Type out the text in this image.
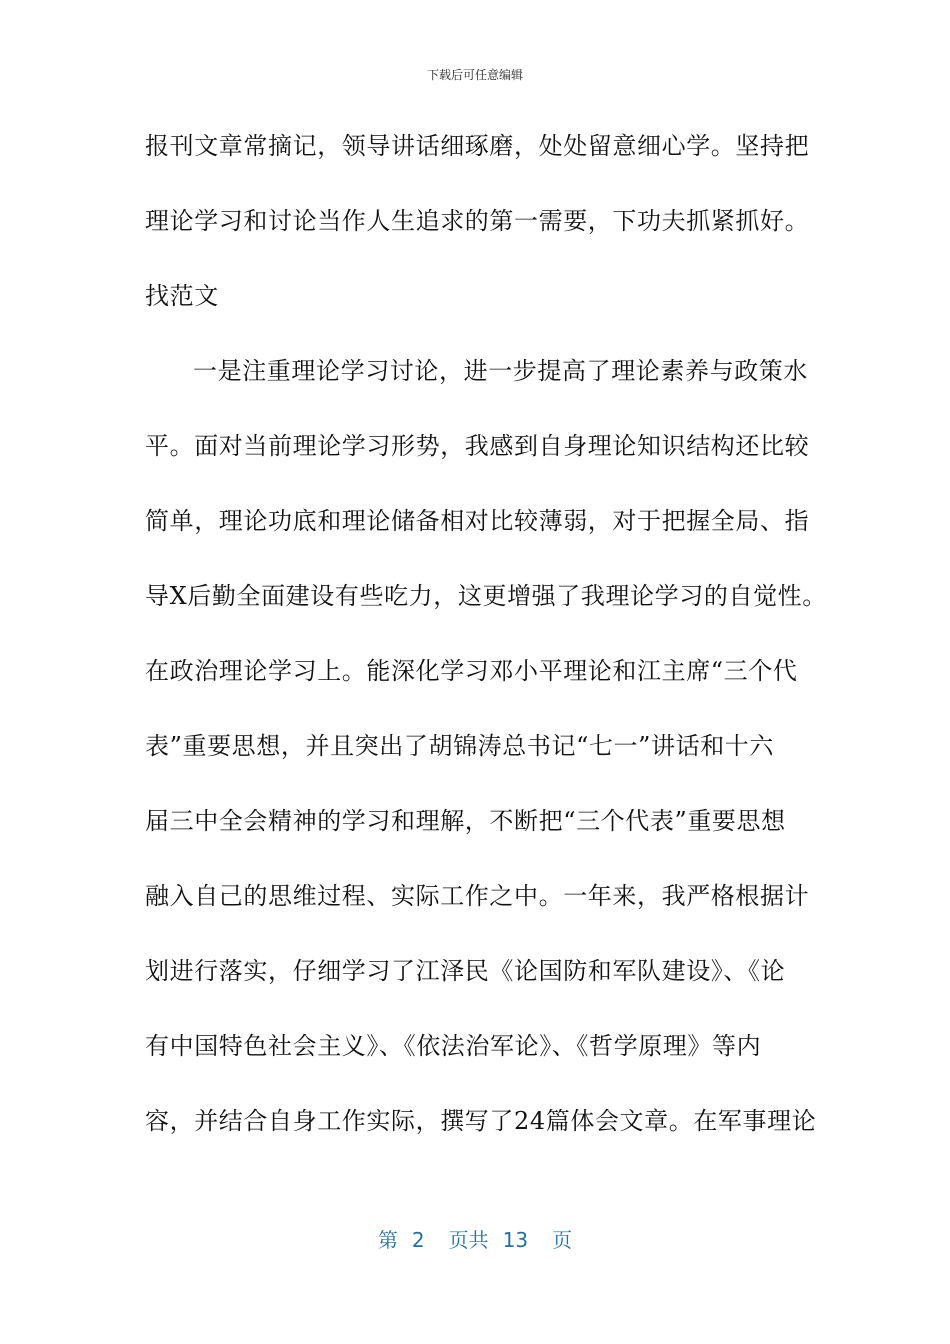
下载后可任意编辑
报刊文章常摘记，领导讲话细琢磨，处处留意细心学。坚持把
理论学习和讨论当作人生追求的第一需要，下功夫抓紧抓好。
找范文
一是注重理论学习讨论，进一步提高了理论素养与政策水
平。面对当前理论学习形势，我感到自身理论知识结构还比较
简单，理论功底和理论储备相对比较薄弱，对于把握全局、指
导X后勤全面建设有些吃力，这更增强了我理论学习的自觉性。
在政治理论学习上。能深化学习邓小平理论和江主席“三个代
表”重要思想，并且突出了胡锦涛总书记“七一”讲话和十六
届三中全会精神的学习和理解，不断把“三个代表”重要思想
融入自己的思维过程、实际工作之中。一年来，我严格根据计
划进行落实，仔细学习了江泽民《论国防和军队建设》、《论
有中国特色社会主义》、《依法治军论》、《哲学原理》等内
容，并结合自身工作实际，撰写了24篇体会文章。在军事理论
第 2 页共 13 页
